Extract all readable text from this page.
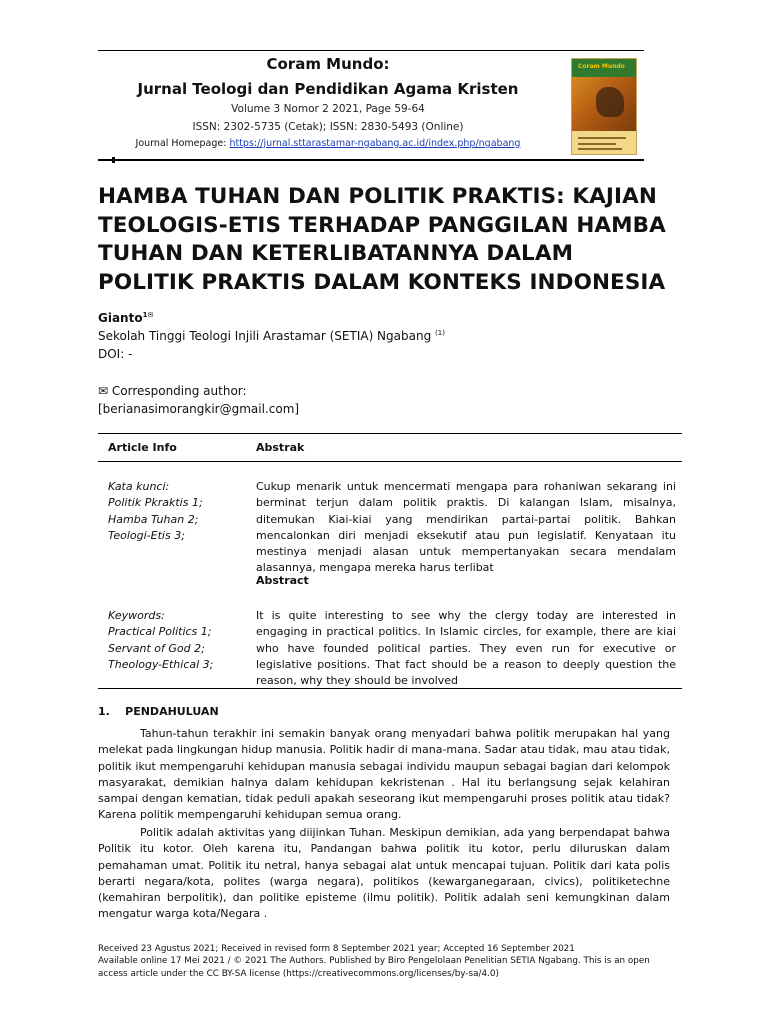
Coram Mundo:
Jurnal Teologi dan Pendidikan Agama Kristen
Volume 3 Nomor 2 2021, Page 59-64
ISSN: 2302-5735 (Cetak); ISSN: 2830-5493 (Online)
Journal Homepage: https://jurnal.sttarastamar-ngabang.ac.id/index.php/ngabang
Coram Mundo
HAMBA TUHAN DAN POLITIK PRAKTIS: KAJIAN TEOLOGIS-ETIS TERHADAP PANGGILAN HAMBA TUHAN DAN KETERLIBATANNYA DALAM POLITIK PRAKTIS DALAM KONTEKS INDONESIA
Gianto$^{1✉}$
Sekolah Tinggi Teologi Injili Arastamar (SETIA) Ngabang $^{(1)}$
DOI: -
✉ Corresponding author:
[berianasimorangkir@gmail.com]
Article Info	Abstrak
Kata kunci:
Politik Pkraktis 1;
Hamba Tuhan 2;
Teologi-Etis 3;
Cukup menarik untuk mencermati mengapa para rohaniwan sekarang ini berminat terjun dalam politik praktis. Di kalangan Islam, misalnya, ditemukan Kiai-kiai yang mendirikan partai-partai politik. Bahkan mencalonkan diri menjadi eksekutif atau pun legislatif. Kenyataan itu mestinya menjadi alasan untuk mempertanyakan secara mendalam alasannya, mengapa mereka harus terlibat
Abstract
Keywords:
Practical Politics 1;
Servant of God 2;
Theology-Ethical 3;
It is quite interesting to see why the clergy today are interested in engaging in practical politics. In Islamic circles, for example, there are kiai who have founded political parties. They even run for executive or legislative positions. That fact should be a reason to deeply question the reason, why they should be involved
1.    PENDAHULUAN
Tahun-tahun terakhir ini semakin banyak orang menyadari bahwa politik merupakan hal yang melekat pada lingkungan hidup manusia. Politik hadir di mana-mana. Sadar atau tidak, mau atau tidak, politik ikut mempengaruhi kehidupan manusia sebagai individu maupun sebagai bagian dari kelompok masyarakat, demikian halnya dalam kehidupan kekristenan . Hal itu berlangsung sejak kelahiran sampai dengan kematian, tidak peduli apakah seseorang ikut mempengaruhi proses politik atau tidak? Karena politik mempengaruhi kehidupan semua orang.
Politik adalah aktivitas yang diijinkan Tuhan. Meskipun demikian, ada yang berpendapat bahwa Politik itu kotor. Oleh karena itu, Pandangan bahwa politik itu kotor, perlu diluruskan dalam pemahaman umat. Politik itu netral, hanya sebagai alat untuk mencapai tujuan. Politik dari kata polis berarti negara/kota, polites (warga negara), politikos (kewarganegaraan, civics), politiketechne (kemahiran berpolitik), dan politike episteme (ilmu politik). Politik adalah seni kemungkinan dalam mengatur warga kota/Negara .
Received 23 Agustus 2021; Received in revised form 8 September 2021 year; Accepted 16 September 2021
Available online 17 Mei 2021 / © 2021 The Authors. Published by Biro Pengelolaan Penelitian SETIA Ngabang. This is an open access article under the CC BY-SA license (https://creativecommons.org/licenses/by-sa/4.0)
